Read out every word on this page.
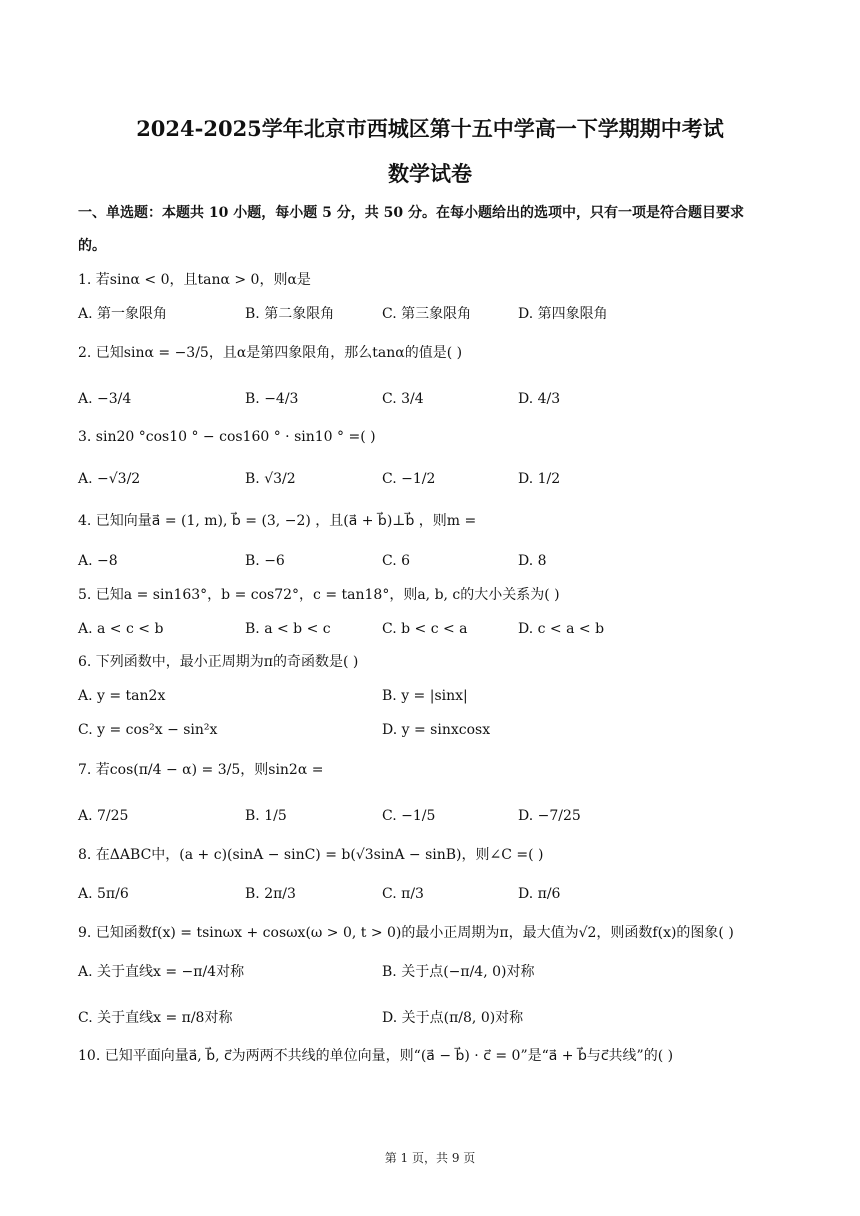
2024-2025学年北京市西城区第十五中学高一下学期期中考试
数学试卷
一、单选题：本题共 10 小题，每小题 5 分，共 50 分。在每小题给出的选项中，只有一项是符合题目要求
的。
1. 若sinα < 0，且tanα > 0，则α是
A. 第一象限角	B. 第二象限角	C. 第三象限角	D. 第四象限角
2. 已知sinα = −3/5，且α是第四象限角，那么tanα的值是( )
A. −3/4	B. −4/3	C. 3/4	D. 4/3
3. sin20 °cos10 ° − cos160 ° · sin10 ° =( )
A. −√3/2	B. √3/2	C. −1/2	D. 1/2
4. 已知向量a⃗ = (1, m), b⃗ = (3, −2) ，且(a⃗ + b⃗)⊥b⃗ ，则m =
A. −8	B. −6	C. 6	D. 8
5. 已知a = sin163°，b = cos72°，c = tan18°，则a, b, c的大小关系为( )
A. a < c < b	B. a < b < c	C. b < c < a	D. c < a < b
6. 下列函数中，最小正周期为π的奇函数是( )
A. y = tan2x	B. y = |sinx|
C. y = cos²x − sin²x	D. y = sinxcosx
7. 若cos(π/4 − α) = 3/5，则sin2α =
A. 7/25	B. 1/5	C. −1/5	D. −7/25
8. 在ΔABC中，(a + c)(sinA − sinC) = b(√3sinA − sinB)，则∠C =( )
A. 5π/6	B. 2π/3	C. π/3	D. π/6
9. 已知函数f(x) = tsinωx + cosωx(ω > 0, t > 0)的最小正周期为π，最大值为√2，则函数f(x)的图象( )
A. 关于直线x = −π/4对称	B. 关于点(−π/4, 0)对称
C. 关于直线x = π/8对称	D. 关于点(π/8, 0)对称
10. 已知平面向量a⃗, b⃗, c⃗为两两不共线的单位向量，则“(a⃗ − b⃗) · c⃗ = 0”是“a⃗ + b⃗与c⃗共线”的( )
第 1 页，共 9 页
